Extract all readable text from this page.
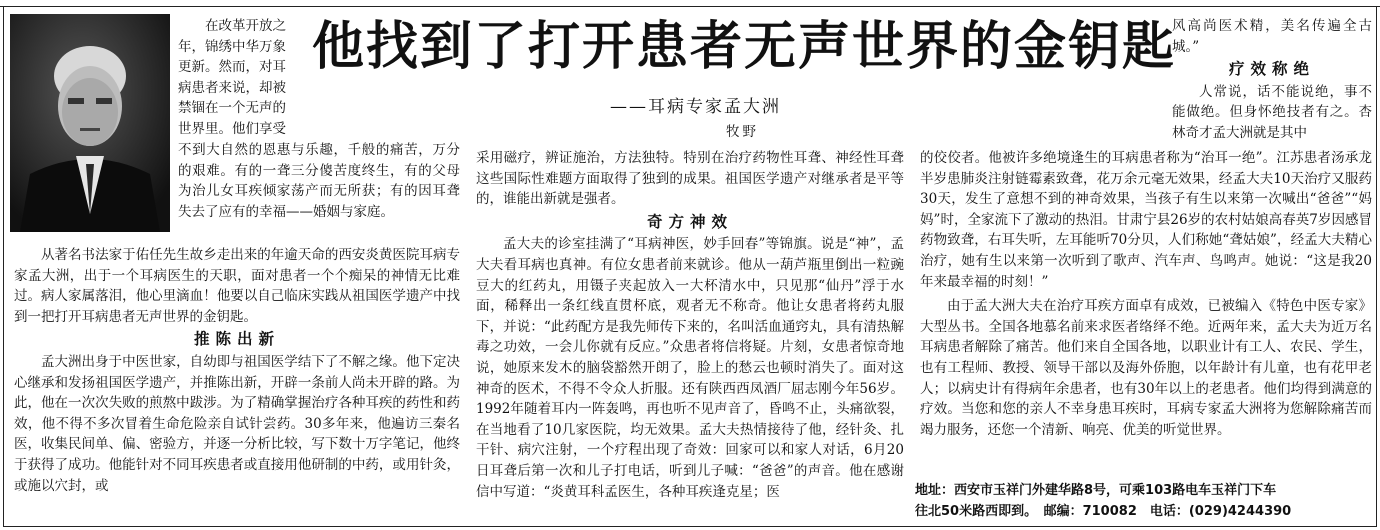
在改革开放之
年，锦绣中华万象
更新。然而，对耳
病患者来说，却被
禁锢在一个无声的
世界里。他们享受
他找到了打开患者无声世界的金钥匙
——耳病专家孟大洲
牧野

不到大自然的恩惠与乐趣，千般的痛苦，万分的艰难。有的一聋三分傻苦度终生，有的父母为治儿女耳疾倾家荡产而无所获；有的因耳聋失去了应有的幸福——婚姻与家庭。

从著名书法家于佑任先生故乡走出来的年逾天命的西安炎黄医院耳病专家孟大洲，出于一个耳病医生的天职，面对患者一个个痴呆的神情无比难过。病人家属落泪，他心里滴血！他要以自己临床实践从祖国医学遗产中找到一把打开耳病患者无声世界的金钥匙。

推陈出新

孟大洲出身于中医世家，自幼即与祖国医学结下了不解之缘。他下定决心继承和发扬祖国医学遗产，并推陈出新，开辟一条前人尚未开辟的路。为此，他在一次次失败的煎熬中跋涉。为了精确掌握治疗各种耳疾的药性和药效，他不得不多次冒着生命危险亲自试针尝药。30多年来，他遍访三秦名医，收集民间单、偏、密验方，并逐一分析比较，写下数十万字笔记，他终于获得了成功。他能针对不同耳疾患者或直接用他研制的中药，或用针灸，或施以穴封，或

采用磁疗，辨证施治，方法独特。特别在治疗药物性耳聋、神经性耳聋这些国际性难题方面取得了独到的成果。祖国医学遗产对继承者是平等的，谁能出新就是强者。

奇方神效

孟大夫的诊室挂满了“耳病神医，妙手回春”等锦旗。说是“神”，孟大夫看耳病也真神。有位女患者前来就诊。他从一葫芦瓶里倒出一粒豌豆大的红药丸，用镊子夹起放入一大杯清水中，只见那“仙丹”浮于水面，稀释出一条红线直贯杯底，观者无不称奇。他让女患者将药丸服下，并说：“此药配方是我先师传下来的，名叫活血通窍丸，具有清热解毒之功效，一会儿你就有反应。”众患者将信将疑。片刻，女患者惊奇地说，她原来发木的脑袋豁然开朗了，脸上的愁云也顿时消失了。面对这神奇的医术，不得不令众人折服。还有陕西西凤酒厂屈志刚今年56岁。1992年随着耳内一阵轰鸣，再也听不见声音了，昏鸣不止，头痛欲裂，在当地看了10几家医院，均无效果。孟大夫热情接待了他，经针灸、扎干针、病穴注射，一个疗程出现了奇效：回家可以和家人对话，6月20日耳聋后第一次和儿子打电话，听到儿子喊：“爸爸”的声音。他在感谢信中写道：“炎黄耳科孟医生，各种耳疾逢克星；医

的佼佼者。他被许多绝境逢生的耳病患者称为“治耳一绝”。江苏患者汤承龙半岁患肺炎注射链霉素致聋，花万余元毫无效果，经孟大夫10天治疗又服药30天，发生了意想不到的神奇效果，当孩子有生以来第一次喊出“爸爸”“妈妈”时，全家流下了激动的热泪。甘肃宁县26岁的农村姑娘高春英7岁因感冒药物致聋，右耳失听，左耳能听70分贝，人们称她“聋姑娘”，经孟大夫精心治疗，她有生以来第一次听到了歌声、汽车声、鸟鸣声。她说：“这是我20年来最幸福的时刻！”

由于孟大洲大夫在治疗耳疾方面卓有成效，已被编入《特色中医专家》大型丛书。全国各地慕名前来求医者络绎不绝。近两年来，孟大夫为近万名耳病患者解除了痛苦。他们来自全国各地，以职业计有工人、农民、学生，也有工程师、教授、领导干部以及海外侨胞，以年龄计有儿童，也有花甲老人；以病史计有得病年余患者，也有30年以上的老患者。他们均得到满意的疗效。当您和您的亲人不幸身患耳疾时，耳病专家孟大洲将为您解除痛苦而竭力服务，还您一个清新、响亮、优美的听觉世界。

风高尚医术精，美名传遍全古城。”

疗效称绝

人常说，话不能说绝，事不能做绝。但身怀绝技者有之。杏林奇才孟大洲就是其中

地址：西安市玉祥门外建华路8号，可乘103路电车玉祥门下车
往北50米路西即到。　邮编：710082　电话：(029)4244390
